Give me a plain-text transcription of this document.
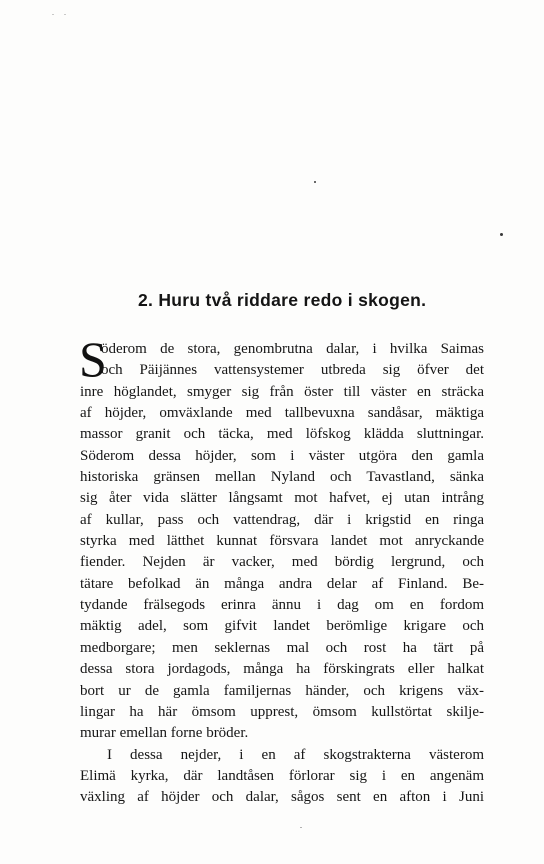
2. Huru två riddare redo i skogen.
S
öderom de stora, genombrutna dalar, i hvilka Saimas
och Päijännes vattensystemer utbreda sig öfver det
inre höglandet, smyger sig från öster till väster en sträcka
af höjder, omväxlande med tallbevuxna sandåsar, mäktiga
massor granit och täcka, med löfskog klädda sluttningar.
Söderom dessa höjder, som i väster utgöra den gamla
historiska gränsen mellan Nyland och Tavastland, sänka
sig åter vida slätter långsamt mot hafvet, ej utan intrång
af kullar, pass och vattendrag, där i krigstid en ringa
styrka med lätthet kunnat försvara landet mot anryckande
fiender. Nejden är vacker, med bördig lergrund, och
tätare befolkad än många andra delar af Finland. Be-
tydande frälsegods erinra ännu i dag om en fordom
mäktig adel, som gifvit landet berömlige krigare och
medborgare; men seklernas mal och rost ha tärt på
dessa stora jordagods, många ha förskingrats eller halkat
bort ur de gamla familjernas händer, och krigens väx-
lingar ha här ömsom upprest, ömsom kullstörtat skilje-
murar emellan forne bröder.
I dessa nejder, i en af skogstrakterna västerom
Elimä kyrka, där landtåsen förlorar sig i en angenäm
växling af höjder och dalar, sågos sent en afton i Juni
